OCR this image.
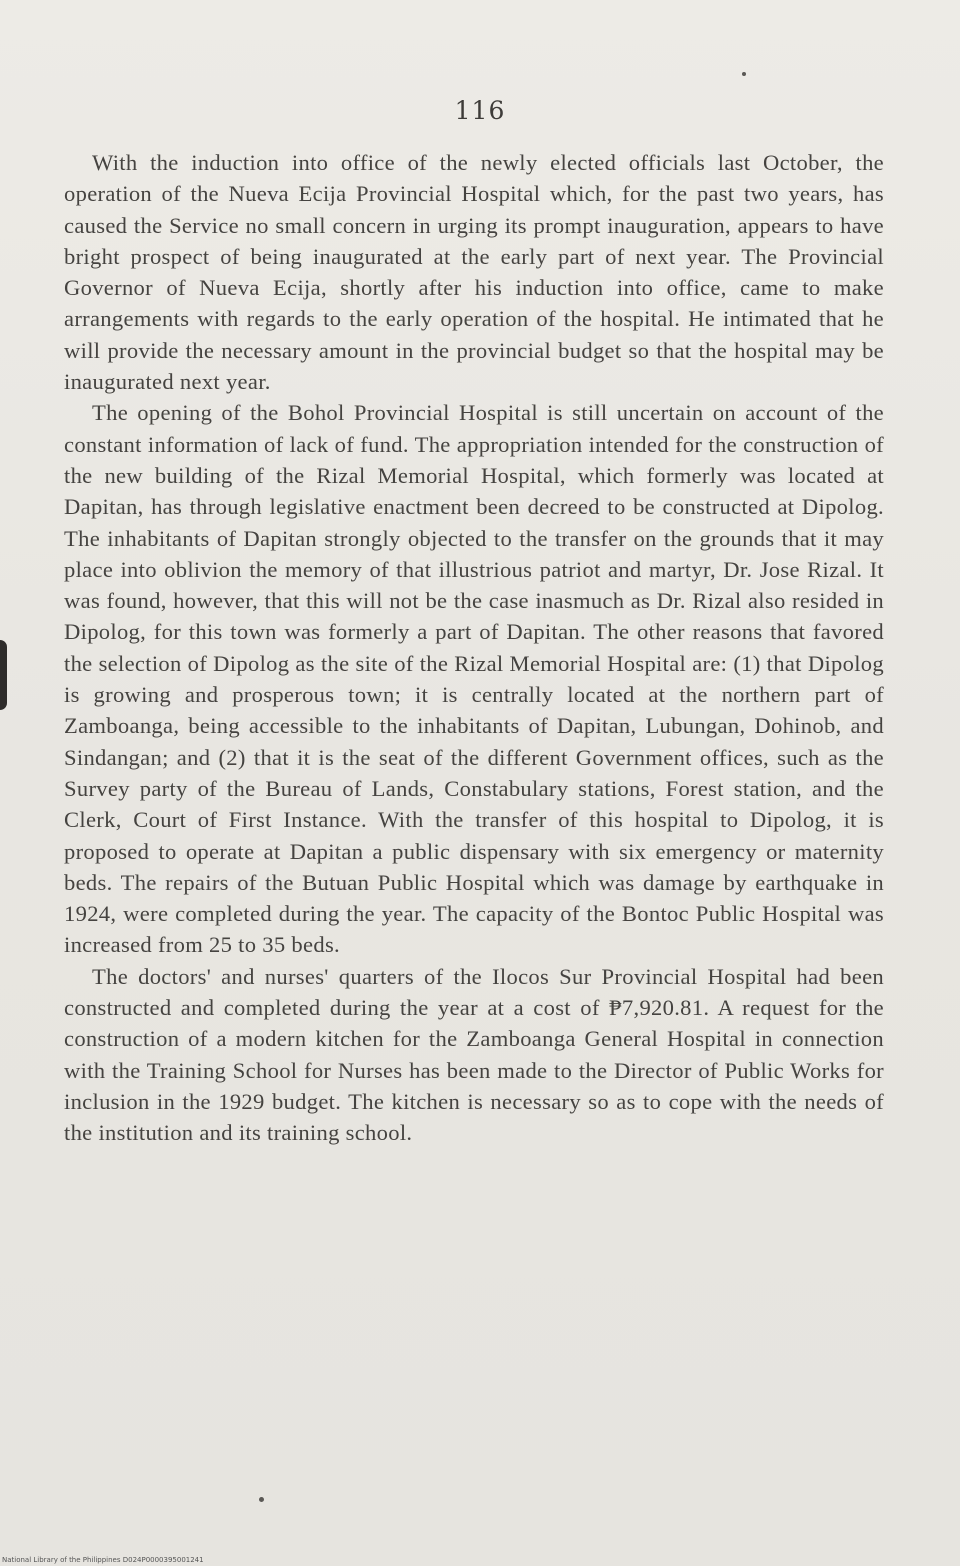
116

With the induction into office of the newly elected officials last October, the operation of the Nueva Ecija Provincial Hospital which, for the past two years, has caused the Service no small concern in urging its prompt inauguration, appears to have bright prospect of being inaugurated at the early part of next year. The Provincial Governor of Nueva Ecija, shortly after his induction into office, came to make arrangements with regards to the early operation of the hospital. He intimated that he will provide the necessary amount in the provincial budget so that the hospital may be inaugurated next year.

The opening of the Bohol Provincial Hospital is still uncertain on account of the constant information of lack of fund. The appropriation intended for the construction of the new building of the Rizal Memorial Hospital, which formerly was located at Dapitan, has through legislative enactment been decreed to be constructed at Dipolog. The inhabitants of Dapitan strongly objected to the transfer on the grounds that it may place into oblivion the memory of that illustrious patriot and martyr, Dr. Jose Rizal. It was found, however, that this will not be the case inasmuch as Dr. Rizal also resided in Dipolog, for this town was formerly a part of Dapitan. The other reasons that favored the selection of Dipolog as the site of the Rizal Memorial Hospital are: (1) that Dipolog is growing and prosperous town; it is centrally located at the northern part of Zamboanga, being accessible to the inhabitants of Dapitan, Lubungan, Dohinob, and Sindangan; and (2) that it is the seat of the different Government offices, such as the Survey party of the Bureau of Lands, Constabulary stations, Forest station, and the Clerk, Court of First Instance. With the transfer of this hospital to Dipolog, it is proposed to operate at Dapitan a public dispensary with six emergency or maternity beds. The repairs of the Butuan Public Hospital which was damage by earthquake in 1924, were completed during the year. The capacity of the Bontoc Public Hospital was increased from 25 to 35 beds.

The doctors' and nurses' quarters of the Ilocos Sur Provincial Hospital had been constructed and completed during the year at a cost of ₱7,920.81. A request for the construction of a modern kitchen for the Zamboanga General Hospital in connection with the Training School for Nurses has been made to the Director of Public Works for inclusion in the 1929 budget. The kitchen is necessary so as to cope with the needs of the institution and its training school.

National Library of the Philippines D024P0000395001241
